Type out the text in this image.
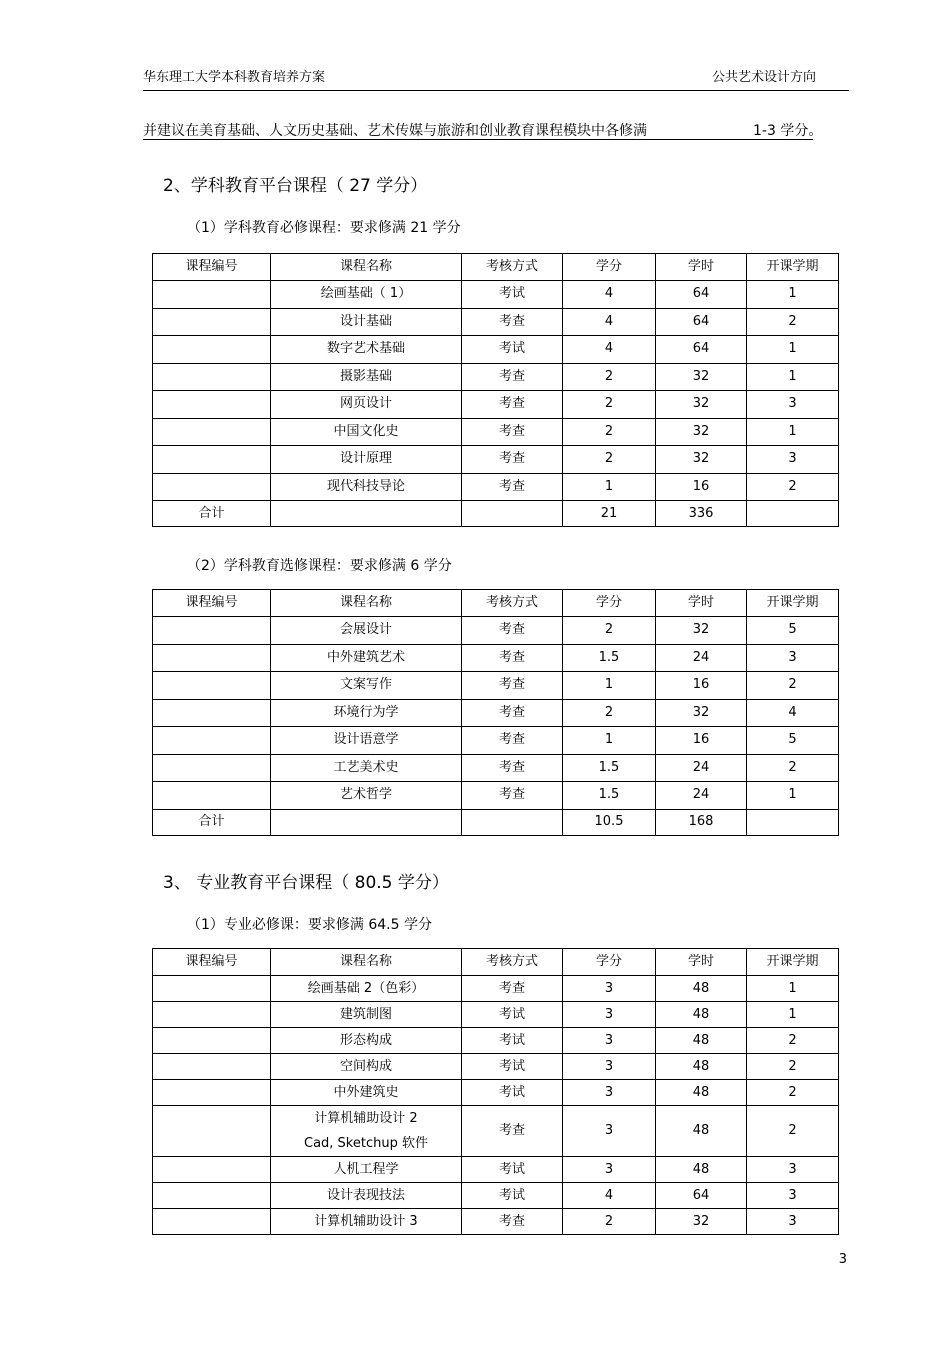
华东理工大学本科教育培养方案	公共艺术设计方向
并建议在美育基础、人文历史基础、艺术传媒与旅游和创业教育课程模块中各修满	1-3 学分。
2、学科教育平台课程（ 27 学分）
（1）学科教育必修课程：要求修满 21 学分
课程编号	课程名称	考核方式	学分	学时	开课学期
	绘画基础（ 1）	考试	4	64	1
	设计基础	考查	4	64	2
	数字艺术基础	考试	4	64	1
	摄影基础	考查	2	32	1
	网页设计	考查	2	32	3
	中国文化史	考查	2	32	1
	设计原理	考查	2	32	3
	现代科技导论	考查	1	16	2
合计			21	336	
（2）学科教育选修课程：要求修满 6 学分
课程编号	课程名称	考核方式	学分	学时	开课学期
	会展设计	考查	2	32	5
	中外建筑艺术	考查	1.5	24	3
	文案写作	考查	1	16	2
	环境行为学	考查	2	32	4
	设计语意学	考查	1	16	5
	工艺美术史	考查	1.5	24	2
	艺术哲学	考查	1.5	24	1
合计			10.5	168	
3、 专业教育平台课程（ 80.5 学分）
（1）专业必修课：要求修满 64.5 学分
课程编号	课程名称	考核方式	学分	学时	开课学期
	绘画基础 2（色彩）	考查	3	48	1
	建筑制图	考试	3	48	1
	形态构成	考试	3	48	2
	空间构成	考试	3	48	2
	中外建筑史	考试	3	48	2

	计算机辅助设计 2
Cad, Sketchup 软件	考查	3	48	2
	人机工程学	考试	3	48	3
	设计表现技法	考试	4	64	3
	计算机辅助设计 3	考查	2	32	3
3
